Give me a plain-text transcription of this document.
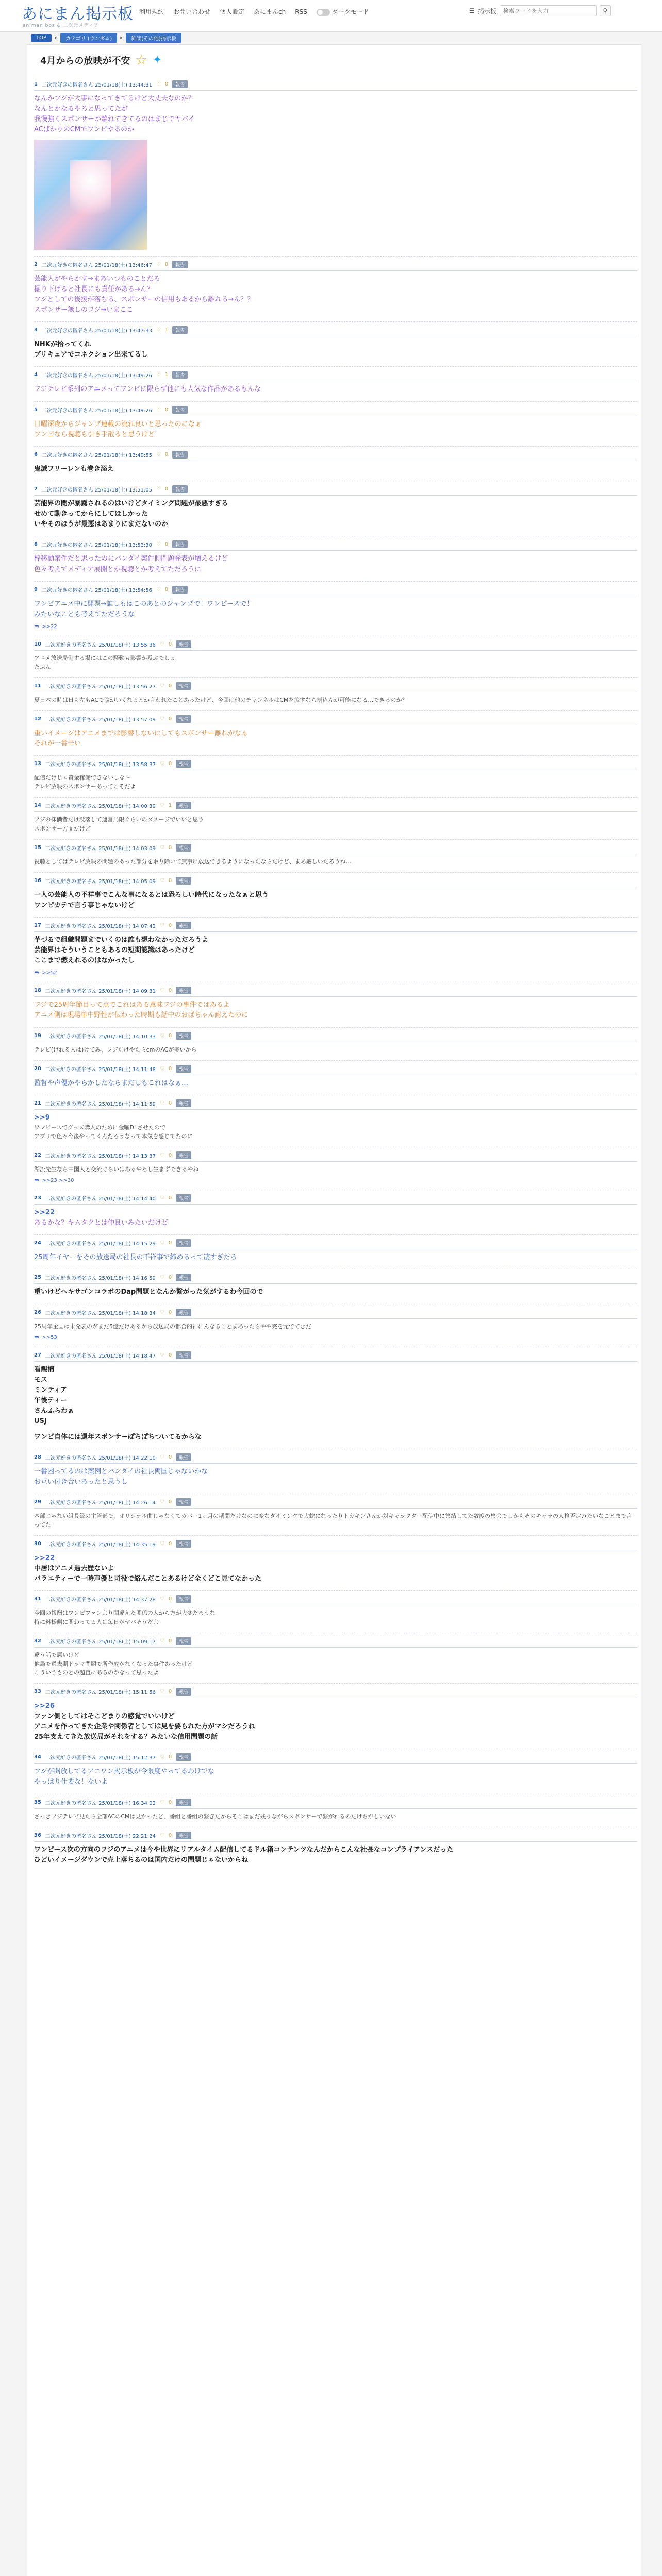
あにまん掲示板
animan bbs & 二次元メディア
利用規約 お問い合わせ 個人設定 あにまんch RSS	ダークモード	☰ 掲示板
検索ワードを入力	⚲
TOP	▸	カテゴリ (ランダム)	▸	雑談(その他)掲示板
4月からの放映が不安 ☆ ✦
1 二次元好きの匿名さん 25/01/18(土) 13:44:31 ♡ 0	報告
なんかフジが大事になってきてるけど大丈夫なのか？
なんとかなるやろと思ってたが
我慢強くスポンサーが離れてきてるのはまじでヤバイ
ACばかりのCMでワンピやるのか
2 二次元好きの匿名さん 25/01/18(土) 13:46:47 ♡ 0	報告
芸能人がやらかす→まあいつものことだろ
掘り下げると社長にも責任がある→ん？
フジとしての後援が落ちる、スポンサーの信用もあるから離れる→ん？？
スポンサー無しのフジ→いまここ
3 二次元好きの匿名さん 25/01/18(土) 13:47:33 ♡ 1	報告
NHKが拾ってくれ
プリキュアでコネクション出来てるし
4 二次元好きの匿名さん 25/01/18(土) 13:49:26 ♡ 1	報告
フジテレビ系列のアニメってワンピに限らず他にも人気な作品があるもんな
5 二次元好きの匿名さん 25/01/18(土) 13:49:26 ♡ 0	報告
日曜深夜からジャンプ連載の流れ良いと思ったのになぁ
ワンピなら視聴も引き手散ると思うけど
6 二次元好きの匿名さん 25/01/18(土) 13:49:55 ♡ 0	報告
鬼滅フリーレンも巻き添え
7 二次元好きの匿名さん 25/01/18(土) 13:51:05 ♡ 0	報告
芸能界の闇が暴露されるのはいけどタイミング問題が最悪すぎる
せめて動きってからにしてほしかった
いやそのほうが最悪はあまりにまだないのか
8 二次元好きの匿名さん 25/01/18(土) 13:53:30 ♡ 0	報告
枠移動案件だと思ったのにバンダイ案件側問題発表が増えるけど
色々考えてメディア展開とか視聴とか考えてただろうに
9 二次元好きの匿名さん 25/01/18(土) 13:54:56 ♡ 0	報告
ワンピアニメ中に開票→誰しもはこのあとのジャンプで！ワンピースで！
みたいなことも考えてただろうな
⮪ >>22
10 二次元好きの匿名さん 25/01/18(土) 13:55:36 ♡ 0	報告
アニメ放送局側する場にはこの騒動も影響が及ぶでしょ
たぶん
11 二次元好きの匿名さん 25/01/18(土) 13:56:27 ♡ 0	報告
夏日本の時は日も左もACで腹がいくなるとか言われたことあったけど、今回は他のチャンネルはCMを流すなら割込んが可能になる…できるのか？
12 二次元好きの匿名さん 25/01/18(土) 13:57:09 ♡ 0	報告
重いイメージはアニメまでは影響しないにしてもスポンサー離れがなぁ
それが一番辛い
13 二次元好きの匿名さん 25/01/18(土) 13:58:37 ♡ 0	報告
配信だけじゃ資金稼働できないしな～
テレビ放映のスポンサーあってこそだよ
14 二次元好きの匿名さん 25/01/18(土) 14:00:39 ♡ 1	報告
フジの株価者だけ没落して運営局限ぐらいのダメージでいいと思う
スポンサー方面だけど
15 二次元好きの匿名さん 25/01/18(土) 14:03:09 ♡ 0	報告
視聴としてはテレビ放映の問題のあった部分を取り除いて無事に放送できるようになったならだけど、まあ厳しいだろうね…
16 二次元好きの匿名さん 25/01/18(土) 14:05:09 ♡ 0	報告
一人の芸能人の不祥事でこんな事になるとは恐ろしい時代になったなぁと思う
ワンピカテで言う事じゃないけど
17 二次元好きの匿名さん 25/01/18(土) 14:07:42 ♡ 0	報告
芋づるで組織問題までいくのは誰も想わなかっただろうよ
芸能界はそういうこともあるの短期認識はあったけど
ここまで燃えれるのはなかったし
⮪ >>52
18 二次元好きの匿名さん 25/01/18(土) 14:09:31 ♡ 0	報告
フジで25周年節目って点でこれはある意味フジの事件ではあるよ
アニメ側は現場単中野性が伝わった時期も話中のおばちゃん耐えたのに
19 二次元好きの匿名さん 25/01/18(土) 14:10:33 ♡ 0	報告
テレビ(けれる人は)けてみ、フジだけやたらcmのACが多いから
20 二次元好きの匿名さん 25/01/18(土) 14:11:48 ♡ 0	報告
監督や声優がやらかしたならまだしもこれはなぁ…
21 二次元好きの匿名さん 25/01/18(土) 14:11:59 ♡ 0	報告
>>9
ワンピースでグッズ購入のために金曜DLさせたので
アプリで色々今後やってくんだろうなって本気を感じてたのに
22 二次元好きの匿名さん 25/01/18(土) 14:13:37 ♡ 0	報告
湖流先生なら中国人と交流ぐらいはあるやろし生まずできるやね
⮪ >>23 >>30
23 二次元好きの匿名さん 25/01/18(土) 14:14:40 ♡ 0	報告
>>22
あるかな？キムタクとは仲良いみたいだけど
24 二次元好きの匿名さん 25/01/18(土) 14:15:29 ♡ 0	報告
25周年イヤーをその放送局の社長の不祥事で締めるって凄すぎだろ
25 二次元好きの匿名さん 25/01/18(土) 14:16:59 ♡ 0	報告
重いけどヘキサゴンコラボのDap問題となんか繋がった気がするわ今回ので
26 二次元好きの匿名さん 25/01/18(土) 14:18:34 ♡ 0	報告
25周年企画は未発表のがまだ5億だけあるから放送局の都合的神にんなることまあったらやや完を元でてきだ
⮪ >>53
27 二次元好きの匿名さん 25/01/18(土) 14:18:47 ♡ 0	報告
看観楠
モス
ミンティア
午後ティー
さんふらわぁ
USJ
ワンピ自体には還年スポンサーぽちぽちついてるからな
28 二次元好きの匿名さん 25/01/18(土) 14:22:10 ♡ 0	報告
一番困ってるのは案例とバンダイの社長両国じゃないかな
お互い付き合いあったと思うし
29 二次元好きの匿名さん 25/01/18(土) 14:26:14 ♡ 0	報告
本部じゃない組長級の主管部で、オリジナル曲じゃなくてカバー1ヶ月の期間だけなのに変なタイミングで大蛇になったりトカキンさんが対キャラクター配信中に集結してた数度の集会でしかもそのキャラの人格否定みたいなことまで言ってた
30 二次元好きの匿名さん 25/01/18(土) 14:35:19 ♡ 0	報告
>>22
中居はアニメ過去歴ないよ
バラエティーで一時声優と司役で絡んだことあるけど全くどこ見てなかった
31 二次元好きの匿名さん 25/01/18(土) 14:37:28 ♡ 0	報告
今回の報酬はワンピファンより間違えた関係の人から方が大変だろうな
特に料様側に関わってる人は毎日がヤバそうだよ
32 二次元好きの匿名さん 25/01/18(土) 15:09:17 ♡ 0	報告
違う話で悪いけど
他局で過去期ドラマ問題で所作成がなくなった事件あったけど
こういうものとの超直にあるのかなって思ったよ
33 二次元好きの匿名さん 25/01/18(土) 15:11:56 ♡ 0	報告
>>26
ファン側としてはそこどまりの感覚でいいけど
アニメを作ってきた企業や関係者としては見を要られた方がマシだろうね
25年支えてきた放送局がそれをする？みたいな信用問題の話
34 二次元好きの匿名さん 25/01/18(土) 15:12:37 ♡ 0	報告
フジが開放してるアニワン掲示板が今限度やってるわけでな
やっぱり仕要な！ないよ
35 二次元好きの匿名さん 25/01/18(土) 16:34:02 ♡ 0	報告
さっきフジテレビ見たら全部ACのCMは見かったど、番組と番組の繋ぎだからそこはまだ残りながらスポンサーで繋がれるのだけちがしいない
36 二次元好きの匿名さん 25/01/18(土) 22:21:24 ♡ 0	報告
ワンピース次の方向のフジのアニメは今や世界にリアルタイム配信してるドル箱コンテンツなんだからこんな社長なコンプライアンスだった
ひどいイメージダウンで売上落ちるのは国内だけの問題じゃないからね
